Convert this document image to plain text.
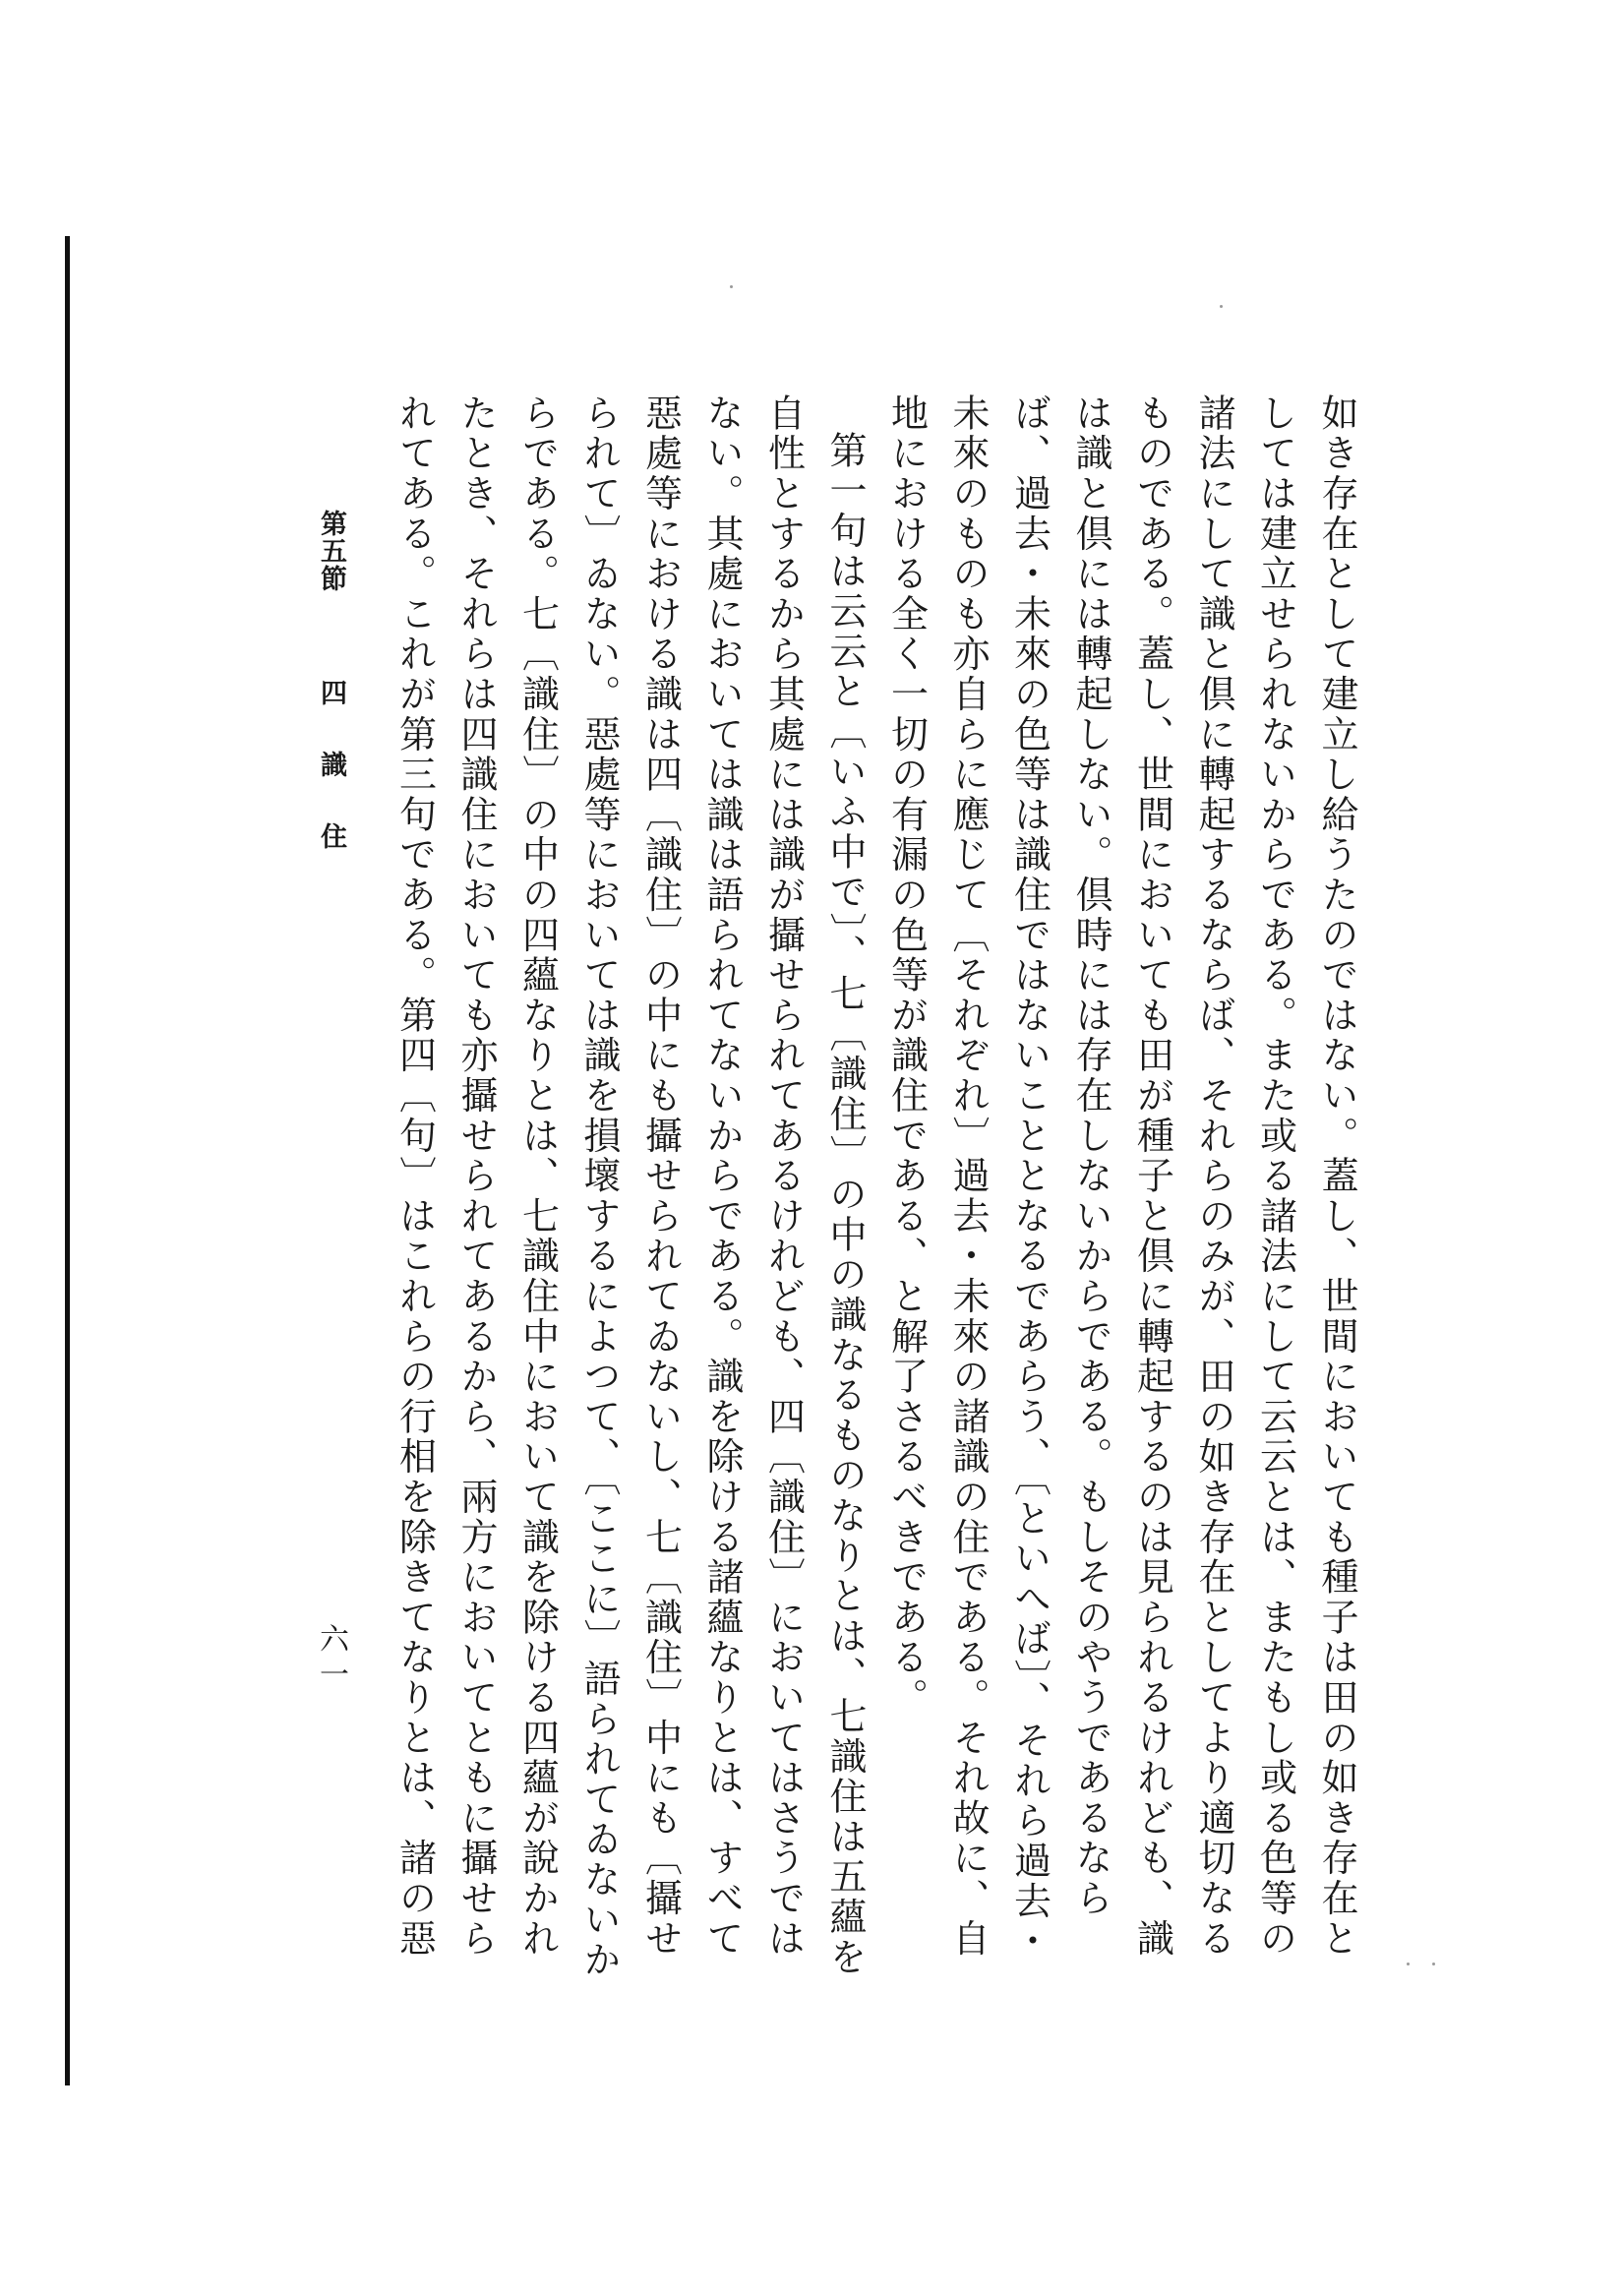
如き存在として建立し給うたのではない。蓋し、世間においても種子は田の如き存在としては建立せられないからである。また或る諸法にして云云とは、またもし或る色等の諸法にして識と倶に轉起するならば、それらのみが、田の如き存在としてより適切なるものである。蓋し、世間においても田が種子と倶に轉起するのは見られるけれども、識は識と倶には轉起しない。倶時には存在しないからである。もしそのやうであるならば、過去・未來の色等は識住ではないこととなるであらう、〔といへば〕、それら過去・未來のものも亦自らに應じて〔それぞれ〕過去・未來の諸識の住である。それ故に、自地における全く一切の有漏の色等が識住である、と解了さるべきである。

第一句は云云と〔いふ中で〕、七〔識住〕の中の識なるものなりとは、七識住は五蘊を自性とするから其處には識が攝せられてあるけれども、四〔識住〕においてはさうではない。其處においては識は語られてないからである。識を除ける諸蘊なりとは、すべて惡處等における識は四〔識住〕の中にも攝せられてゐないし、七〔識住〕中にも〔攝せられて〕ゐない。惡處等においては識を損壞するによつて、〔ここに〕語られてゐないからである。七〔識住〕の中の四蘊なりとは、七識住中において識を除ける四蘊が說かれたとき、それらは四識住においても亦攝せられてあるから、兩方においてともに攝せられてある。これが第三句である。第四〔句〕はこれらの行相を除きてなりとは、諸の惡

第五節
四識住
六一
